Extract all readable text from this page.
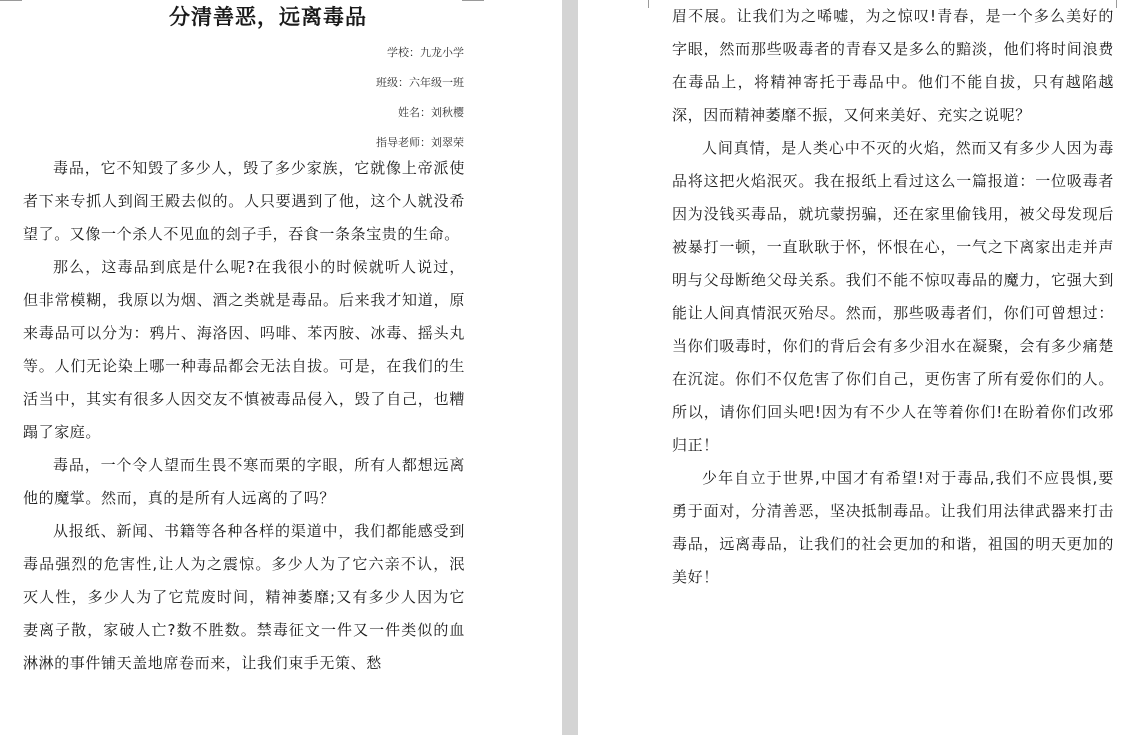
分清善恶，远离毒品
学校：九龙小学
班级：六年级一班
姓名：刘秋樱
指导老师：刘翠荣

毒品，它不知毁了多少人，毁了多少家族，它就像上帝派使者下来专抓人到阎王殿去似的。人只要遇到了他，这个人就没希望了。又像一个杀人不见血的刽子手，吞食一条条宝贵的生命。

那么，这毒品到底是什么呢?在我很小的时候就听人说过，但非常模糊，我原以为烟、酒之类就是毒品。后来我才知道，原来毒品可以分为：鸦片、海洛因、吗啡、苯丙胺、冰毒、摇头丸等。人们无论染上哪一种毒品都会无法自拔。可是，在我们的生活当中，其实有很多人因交友不慎被毒品侵入，毁了自己，也糟蹋了家庭。

毒品，一个令人望而生畏不寒而栗的字眼，所有人都想远离他的魔掌。然而，真的是所有人远离的了吗？

从报纸、新闻、书籍等各种各样的渠道中，我们都能感受到毒品强烈的危害性,让人为之震惊。多少人为了它六亲不认，泯灭人性，多少人为了它荒废时间，精神萎靡;又有多少人因为它妻离子散，家破人亡?数不胜数。禁毒征文一件又一件类似的血淋淋的事件铺天盖地席卷而来，让我们束手无策、愁

眉不展。让我们为之唏嘘，为之惊叹!青春，是一个多么美好的字眼，然而那些吸毒者的青春又是多么的黯淡，他们将时间浪费在毒品上，将精神寄托于毒品中。他们不能自拔，只有越陷越深，因而精神萎靡不振，又何来美好、充实之说呢？

人间真情，是人类心中不灭的火焰，然而又有多少人因为毒品将这把火焰泯灭。我在报纸上看过这么一篇报道：一位吸毒者因为没钱买毒品，就坑蒙拐骗，还在家里偷钱用，被父母发现后被暴打一顿，一直耿耿于怀，怀恨在心，一气之下离家出走并声明与父母断绝父母关系。我们不能不惊叹毒品的魔力，它强大到能让人间真情泯灭殆尽。然而，那些吸毒者们，你们可曾想过：当你们吸毒时，你们的背后会有多少泪水在凝聚，会有多少痛楚在沉淀。你们不仅危害了你们自己，更伤害了所有爱你们的人。所以，请你们回头吧!因为有不少人在等着你们!在盼着你们改邪归正！

少年自立于世界,中国才有希望!对于毒品,我们不应畏惧,要勇于面对，分清善恶，坚决抵制毒品。让我们用法律武器来打击毒品，远离毒品，让我们的社会更加的和谐，祖国的明天更加的美好！
